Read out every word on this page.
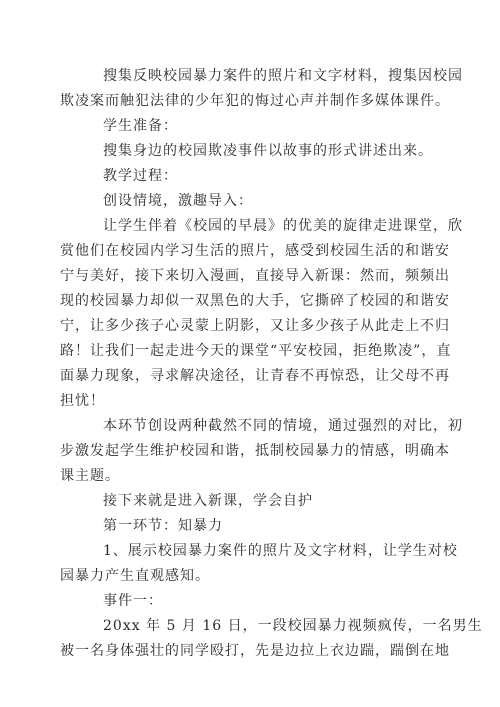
搜集反映校园暴力案件的照片和文字材料，搜集因校园
欺凌案而触犯法律的少年犯的悔过心声并制作多媒体课件。
学生准备：
搜集身边的校园欺凌事件以故事的形式讲述出来。
教学过程：
创设情境，激趣导入：
让学生伴着《校园的早晨》的优美的旋律走进课堂，欣
赏他们在校园内学习生活的照片，感受到校园生活的和谐安
宁与美好，接下来切入漫画，直接导入新课：然而，频频出
现的校园暴力却似一双黑色的大手，它撕碎了校园的和谐安
宁，让多少孩子心灵蒙上阴影，又让多少孩子从此走上不归
路！让我们一起走进今天的课堂“平安校园，拒绝欺凌”，直
面暴力现象，寻求解决途径，让青春不再惊恐，让父母不再
担忧！
本环节创设两种截然不同的情境，通过强烈的对比，初
步激发起学生维护校园和谐，抵制校园暴力的情感，明确本
课主题。
接下来就是进入新课，学会自护
第一环节：知暴力
1、展示校园暴力案件的照片及文字材料，让学生对校
园暴力产生直观感知。
事件一：
20xx 年 5 月 16 日，一段校园暴力视频疯传，一名男生
被一名身体强壮的同学殴打，先是边拉上衣边踹，踹倒在地
